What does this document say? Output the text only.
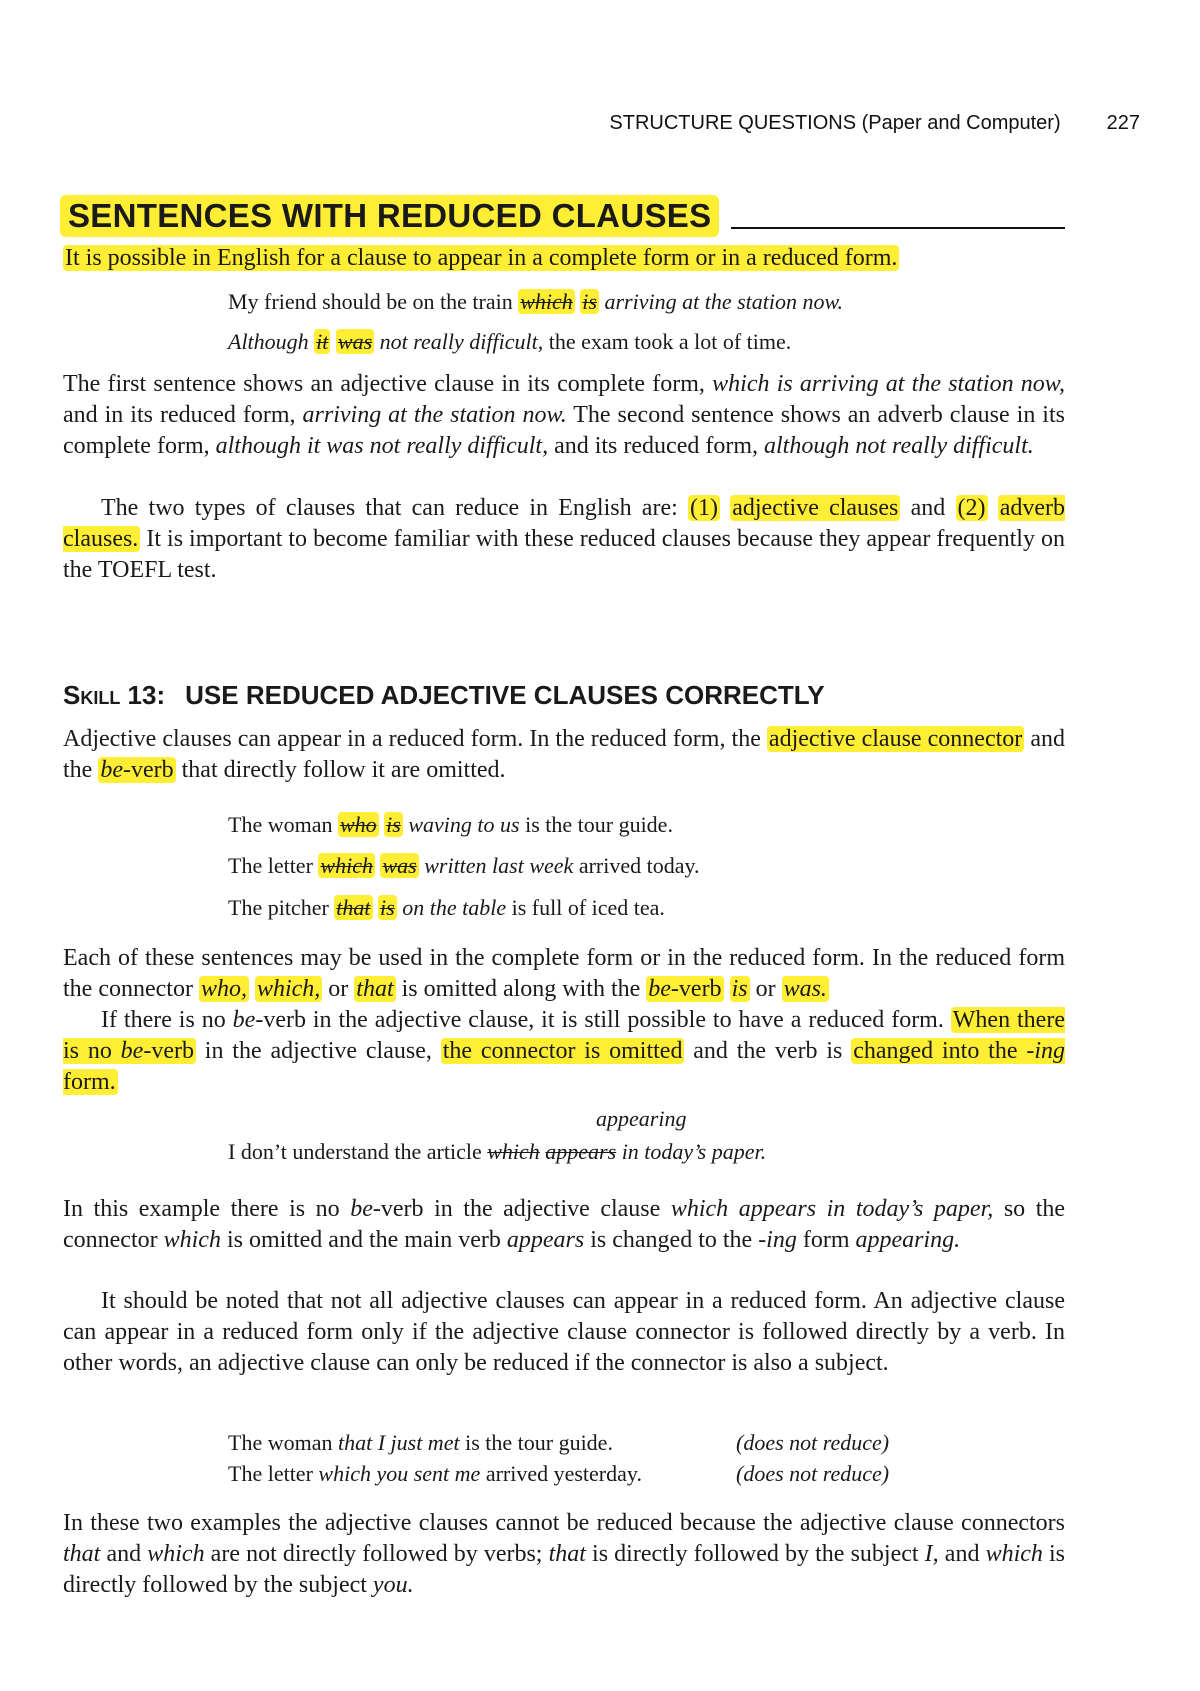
STRUCTURE QUESTIONS (Paper and Computer) 227
SENTENCES WITH REDUCED CLAUSES
It is possible in English for a clause to appear in a complete form or in a reduced form.
My friend should be on the train which is arriving at the station now.
Although it was not really difficult, the exam took a lot of time.
The first sentence shows an adjective clause in its complete form, which is arriving at the station now, and in its reduced form, arriving at the station now. The second sentence shows an adverb clause in its complete form, although it was not really difficult, and its reduced form, although not really difficult.
The two types of clauses that can reduce in English are: (1) adjective clauses and (2) adverb clauses. It is important to become familiar with these reduced clauses because they appear frequently on the TOEFL test.
Skill 13: USE REDUCED ADJECTIVE CLAUSES CORRECTLY
Adjective clauses can appear in a reduced form. In the reduced form, the adjective clause connector and the be-verb that directly follow it are omitted.
The woman who is waving to us is the tour guide.
The letter which was written last week arrived today.
The pitcher that is on the table is full of iced tea.
Each of these sentences may be used in the complete form or in the reduced form. In the reduced form the connector who, which, or that is omitted along with the be-verb is or was.
If there is no be-verb in the adjective clause, it is still possible to have a reduced form. When there is no be-verb in the adjective clause, the connector is omitted and the verb is changed into the -ing form.
appearing
I don’t understand the article which appears in today’s paper.
In this example there is no be-verb in the adjective clause which appears in today’s paper, so the connector which is omitted and the main verb appears is changed to the -ing form appearing.
It should be noted that not all adjective clauses can appear in a reduced form. An adjective clause can appear in a reduced form only if the adjective clause connector is followed directly by a verb. In other words, an adjective clause can only be reduced if the connector is also a subject.
The woman that I just met is the tour guide.	(does not reduce)
The letter which you sent me arrived yesterday.	(does not reduce)
In these two examples the adjective clauses cannot be reduced because the adjective clause connectors that and which are not directly followed by verbs; that is directly followed by the subject I, and which is directly followed by the subject you.
